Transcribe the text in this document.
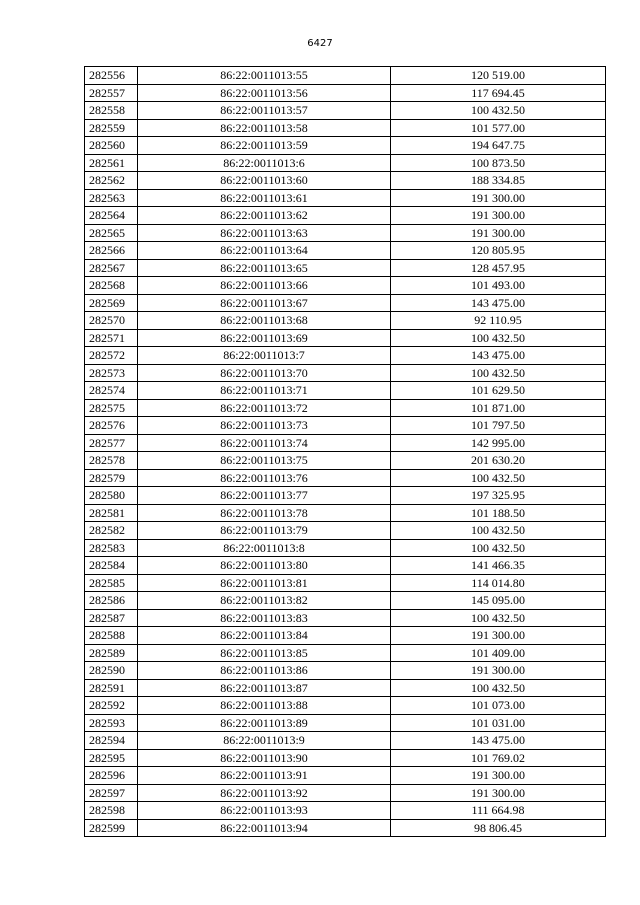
6427
282556	86:22:0011013:55	120 519.00
282557	86:22:0011013:56	117 694.45
282558	86:22:0011013:57	100 432.50
282559	86:22:0011013:58	101 577.00
282560	86:22:0011013:59	194 647.75
282561	86:22:0011013:6	100 873.50
282562	86:22:0011013:60	188 334.85
282563	86:22:0011013:61	191 300.00
282564	86:22:0011013:62	191 300.00
282565	86:22:0011013:63	191 300.00
282566	86:22:0011013:64	120 805.95
282567	86:22:0011013:65	128 457.95
282568	86:22:0011013:66	101 493.00
282569	86:22:0011013:67	143 475.00
282570	86:22:0011013:68	92 110.95
282571	86:22:0011013:69	100 432.50
282572	86:22:0011013:7	143 475.00
282573	86:22:0011013:70	100 432.50
282574	86:22:0011013:71	101 629.50
282575	86:22:0011013:72	101 871.00
282576	86:22:0011013:73	101 797.50
282577	86:22:0011013:74	142 995.00
282578	86:22:0011013:75	201 630.20
282579	86:22:0011013:76	100 432.50
282580	86:22:0011013:77	197 325.95
282581	86:22:0011013:78	101 188.50
282582	86:22:0011013:79	100 432.50
282583	86:22:0011013:8	100 432.50
282584	86:22:0011013:80	141 466.35
282585	86:22:0011013:81	114 014.80
282586	86:22:0011013:82	145 095.00
282587	86:22:0011013:83	100 432.50
282588	86:22:0011013:84	191 300.00
282589	86:22:0011013:85	101 409.00
282590	86:22:0011013:86	191 300.00
282591	86:22:0011013:87	100 432.50
282592	86:22:0011013:88	101 073.00
282593	86:22:0011013:89	101 031.00
282594	86:22:0011013:9	143 475.00
282595	86:22:0011013:90	101 769.02
282596	86:22:0011013:91	191 300.00
282597	86:22:0011013:92	191 300.00
282598	86:22:0011013:93	111 664.98
282599	86:22:0011013:94	98 806.45
